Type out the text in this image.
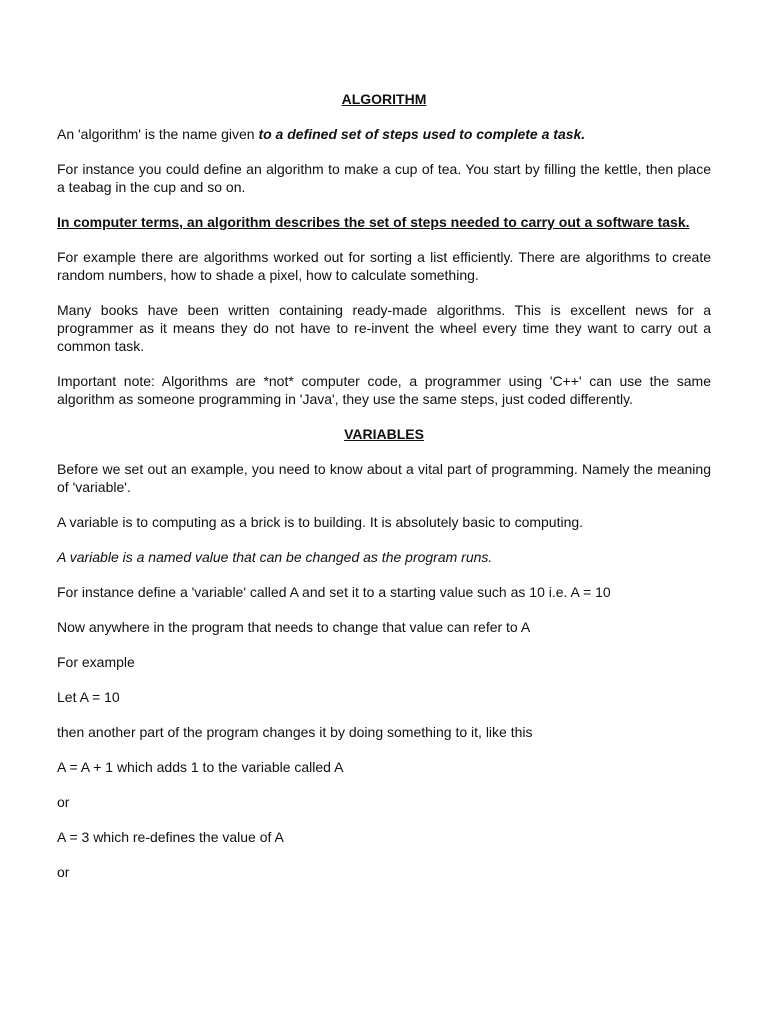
ALGORITHM

An 'algorithm' is the name given to a defined set of steps used to complete a task.

For instance you could define an algorithm to make a cup of tea. You start by filling the kettle, then place a teabag in the cup and so on.

In computer terms, an algorithm describes the set of steps needed to carry out a software task.

For example there are algorithms worked out for sorting a list efficiently. There are algorithms to create random numbers, how to shade a pixel, how to calculate something.

Many books have been written containing ready-made algorithms. This is excellent news for a programmer as it means they do not have to re-invent the wheel every time they want to carry out a common task.

Important note: Algorithms are *not* computer code, a programmer using 'C++' can use the same algorithm as someone programming in 'Java', they use the same steps, just coded differently.

VARIABLES

Before we set out an example, you need to know about a vital part of programming. Namely the meaning of 'variable'.

A variable is to computing as a brick is to building. It is absolutely basic to computing.

A variable is a named value that can be changed as the program runs.

For instance define a 'variable' called A and set it to a starting value such as 10 i.e. A = 10

Now anywhere in the program that needs to change that value can refer to A

For example

Let A = 10

then another part of the program changes it by doing something to it, like this

A = A + 1 which adds 1 to the variable called A

or

A = 3 which re-defines the value of A

or
